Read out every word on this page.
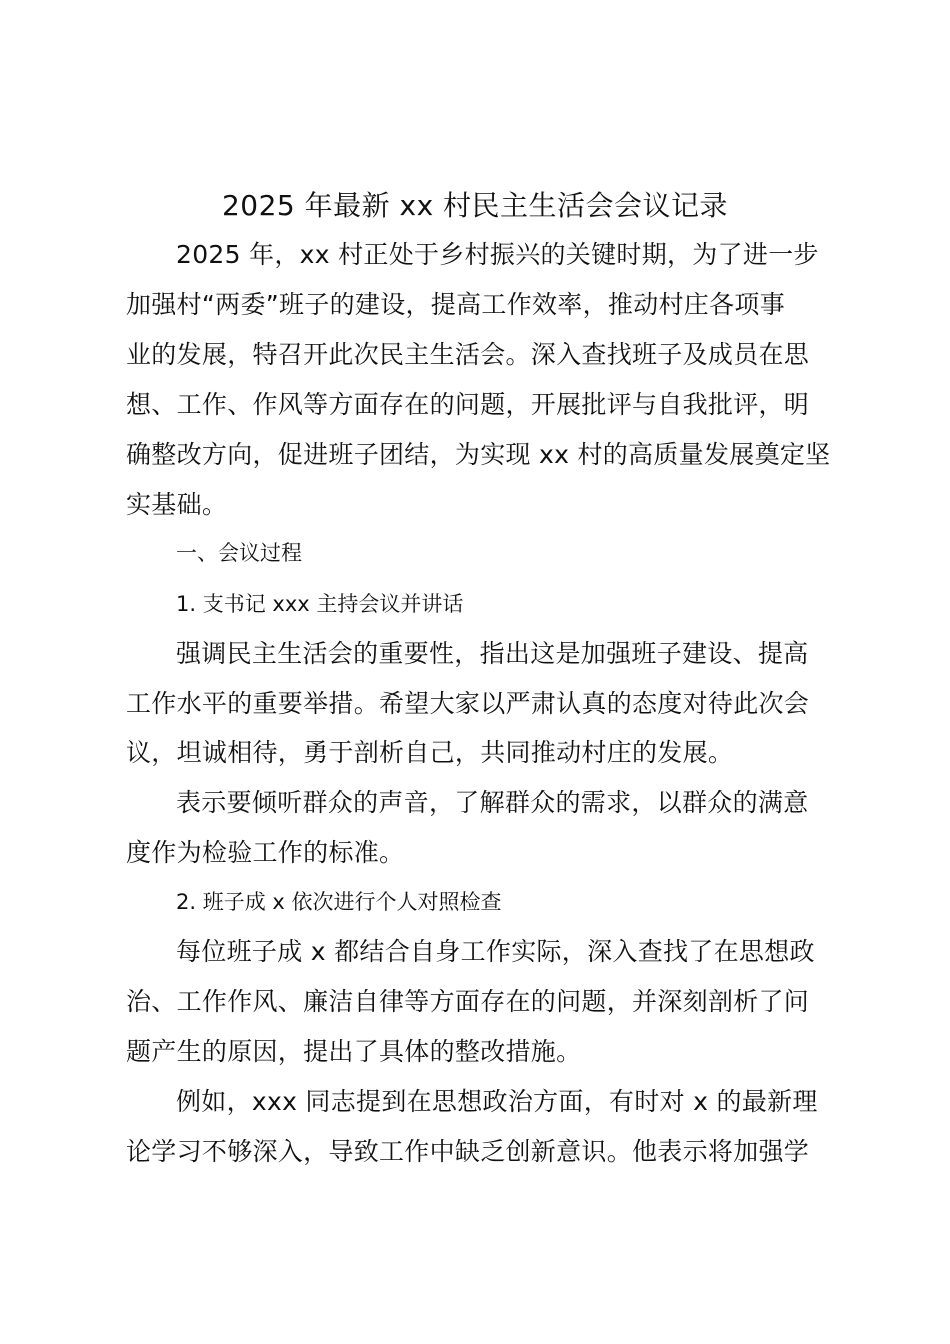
2025 年最新 xx 村民主生活会会议记录
2025 年，xx 村正处于乡村振兴的关键时期，为了进一步
加强村“两委”班子的建设，提高工作效率，推动村庄各项事
业的发展，特召开此次民主生活会。深入查找班子及成员在思
想、工作、作风等方面存在的问题，开展批评与自我批评，明
确整改方向，促进班子团结，为实现 xx 村的高质量发展奠定坚
实基础。
一、会议过程
1. 支书记 xxx 主持会议并讲话
强调民主生活会的重要性，指出这是加强班子建设、提高
工作水平的重要举措。希望大家以严肃认真的态度对待此次会
议，坦诚相待，勇于剖析自己，共同推动村庄的发展。
表示要倾听群众的声音，了解群众的需求，以群众的满意
度作为检验工作的标准。
2. 班子成 x 依次进行个人对照检查
每位班子成 x 都结合自身工作实际，深入查找了在思想政
治、工作作风、廉洁自律等方面存在的问题，并深刻剖析了问
题产生的原因，提出了具体的整改措施。
例如，xxx 同志提到在思想政治方面，有时对 x 的最新理
论学习不够深入，导致工作中缺乏创新意识。他表示将加强学
